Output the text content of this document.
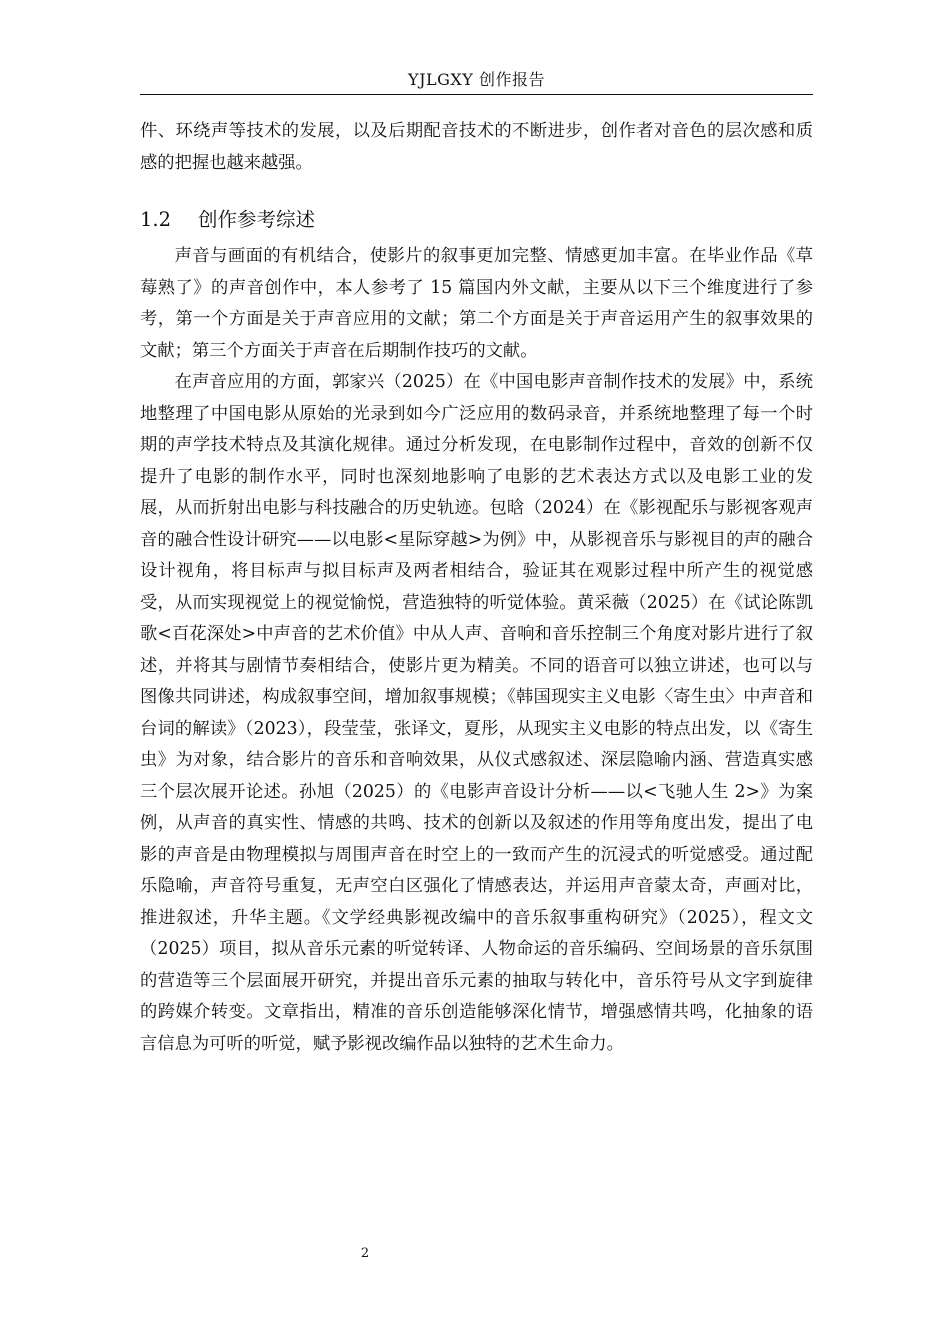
YJLGXY 创作报告

件、环绕声等技术的发展，以及后期配音技术的不断进步，创作者对音色的层次感和质感的把握也越来越强。

1.2 创作参考综述

声音与画面的有机结合，使影片的叙事更加完整、情感更加丰富。在毕业作品《草莓熟了》的声音创作中，本人参考了 15 篇国内外文献，主要从以下三个维度进行了参考，第一个方面是关于声音应用的文献；第二个方面是关于声音运用产生的叙事效果的文献；第三个方面关于声音在后期制作技巧的文献。

在声音应用的方面，郭家兴（2025）在《中国电影声音制作技术的发展》中，系统地整理了中国电影从原始的光录到如今广泛应用的数码录音，并系统地整理了每一个时期的声学技术特点及其演化规律。通过分析发现，在电影制作过程中，音效的创新不仅提升了电影的制作水平，同时也深刻地影响了电影的艺术表达方式以及电影工业的发展，从而折射出电影与科技融合的历史轨迹。包晗（2024）在《影视配乐与影视客观声音的融合性设计研究——以电影<星际穿越>为例》中，从影视音乐与影视目的声的融合设计视角，将目标声与拟目标声及两者相结合，验证其在观影过程中所产生的视觉感受，从而实现视觉上的视觉愉悦，营造独特的听觉体验。黄采薇（2025）在《试论陈凯歌<百花深处>中声音的艺术价值》中从人声、音响和音乐控制三个角度对影片进行了叙述，并将其与剧情节奏相结合，使影片更为精美。不同的语音可以独立讲述，也可以与图像共同讲述，构成叙事空间，增加叙事规模；《韩国现实主义电影〈寄生虫〉中声音和台词的解读》（2023），段莹莹，张译文，夏彤，从现实主义电影的特点出发，以《寄生虫》为对象，结合影片的音乐和音响效果，从仪式感叙述、深层隐喻内涵、营造真实感三个层次展开论述。孙旭（2025）的《电影声音设计分析——以<飞驰人生 2>》为案例，从声音的真实性、情感的共鸣、技术的创新以及叙述的作用等角度出发，提出了电影的声音是由物理模拟与周围声音在时空上的一致而产生的沉浸式的听觉感受。通过配乐隐喻，声音符号重复，无声空白区强化了情感表达，并运用声音蒙太奇，声画对比，推进叙述，升华主题。《文学经典影视改编中的音乐叙事重构研究》（2025），程文文（2025）项目，拟从音乐元素的听觉转译、人物命运的音乐编码、空间场景的音乐氛围的营造等三个层面展开研究，并提出音乐元素的抽取与转化中，音乐符号从文字到旋律的跨媒介转变。文章指出，精准的音乐创造能够深化情节，增强感情共鸣，化抽象的语言信息为可听的听觉，赋予影视改编作品以独特的艺术生命力。

2
